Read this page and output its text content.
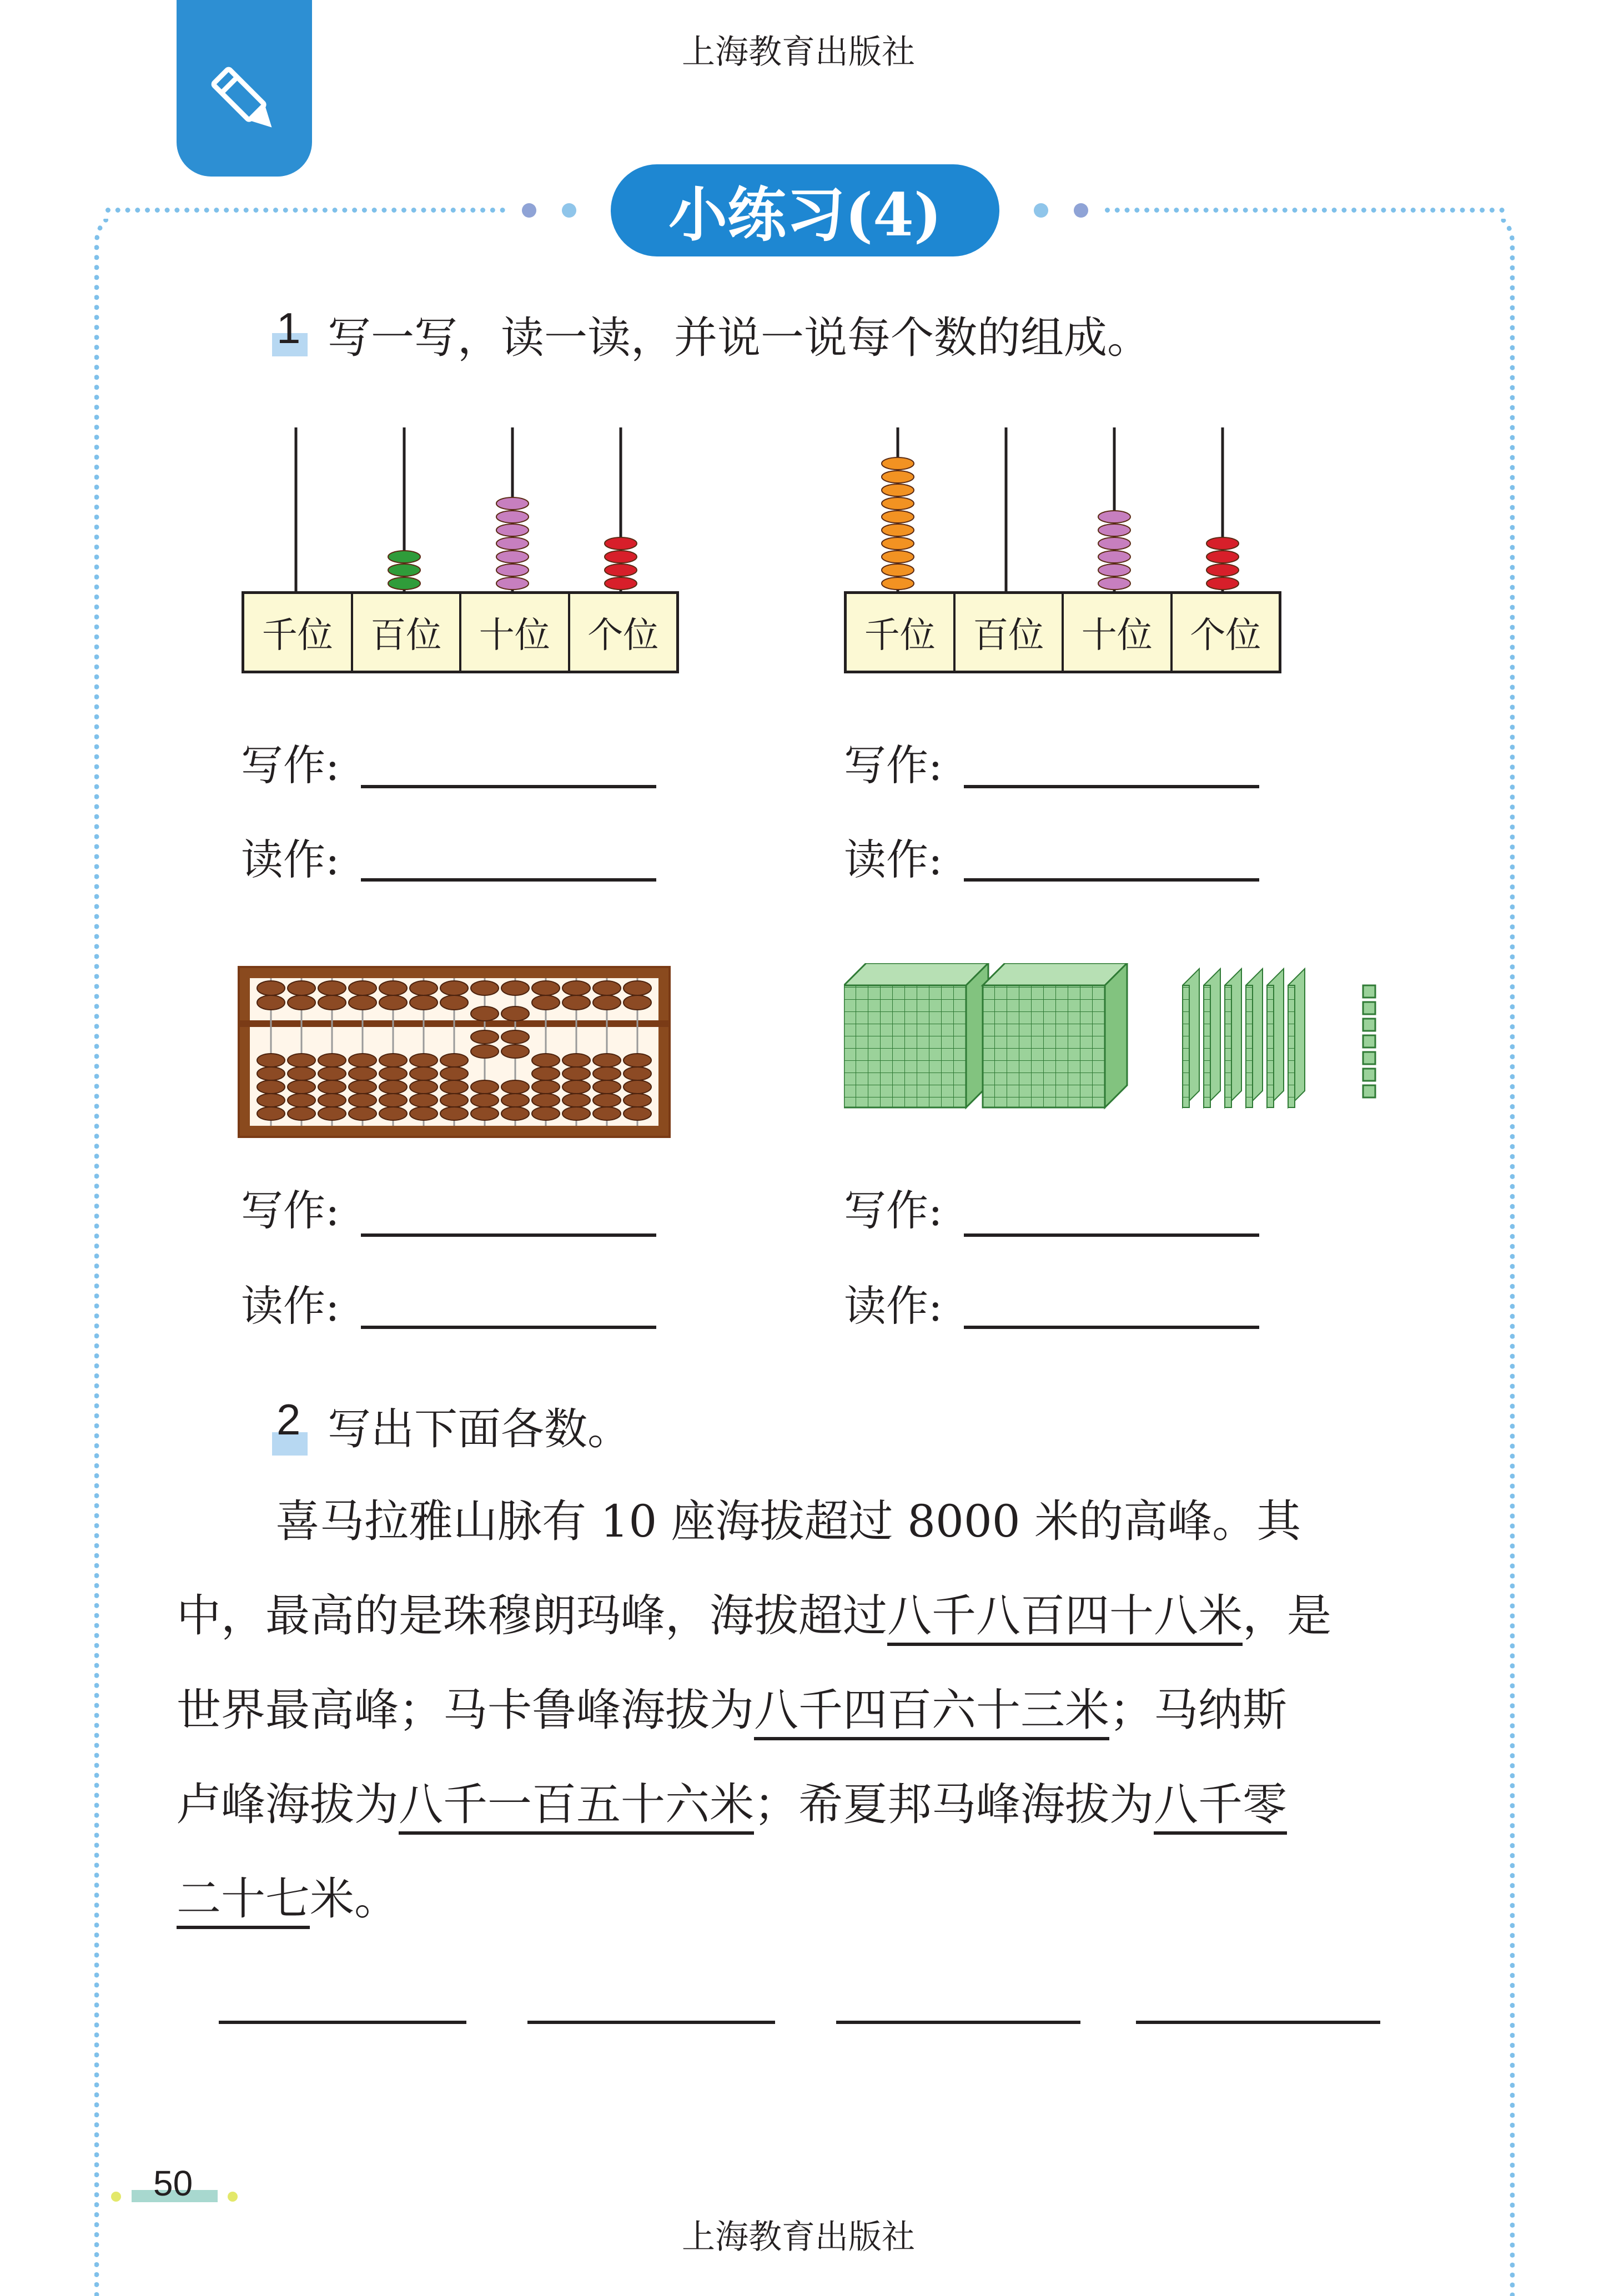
上海教育出版社
小练习(4)
1 写一写，读一读，并说一说每个数的组成。
千位	百位	十位	个位	千位	百位	十位	个位
写作:
读作:
写作:
读作:
写作:
读作:
写作:
读作:
2 写出下面各数。
喜马拉雅山脉有 10 座海拔超过 8000 米的高峰。其
中，最高的是珠穆朗玛峰，海拔超过八千八百四十八米，是
世界最高峰；马卡鲁峰海拔为八千四百六十三米；马纳斯
卢峰海拔为八千一百五十六米；希夏邦马峰海拔为八千零
二十七米。
50
上海教育出版社
